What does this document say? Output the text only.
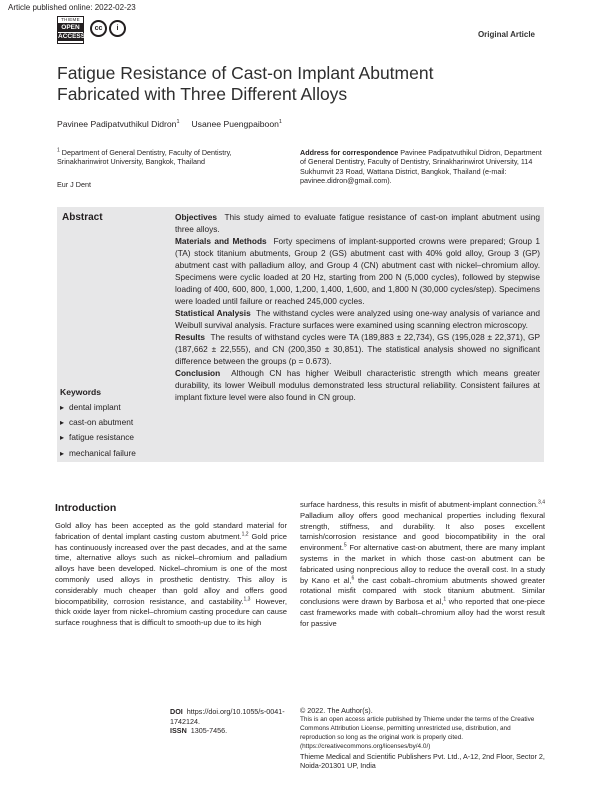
Article published online: 2022-02-23
THIEME
OPEN
ACCESS
cc	i
Original Article
Fatigue Resistance of Cast-on Implant Abutment Fabricated with Three Different Alloys
Pavinee Padipatvuthikul Didron$^1$ Usanee Puengpaiboon$^1$
$^1$ Department of General Dentistry, Faculty of Dentistry, Srinakharinwirot University, Bangkok, Thailand
Eur J Dent
Address for correspondence Pavinee Padipatvuthikul Didron, Department of General Dentistry, Faculty of Dentistry, Srinakharinwirot University, 114 Sukhumvit 23 Road, Wattana District, Bangkok, Thailand (e-mail: pavinee.didron@gmail.com).
Abstract	Objectives This study aimed to evaluate fatigue resistance of cast-on implant abutment using three alloys.

Materials and Methods Forty specimens of implant-supported crowns were prepared; Group 1 (TA) stock titanium abutments, Group 2 (GS) abutment cast with 40% gold alloy, Group 3 (GP) abutment cast with palladium alloy, and Group 4 (CN) abutment cast with nickel–chromium alloy. Specimens were cyclic loaded at 20 Hz, starting from 200 N (5,000 cycles), followed by stepwise loading of 400, 600, 800, 1,000, 1,200, 1,400, 1,600, and 1,800 N (30,000 cycles/step). Specimens were loaded until failure or reached 245,000 cycles.

Statistical Analysis The withstand cycles were analyzed using one-way analysis of variance and Weibull survival analysis. Fracture surfaces were examined using scanning electron microscopy.

Results The results of withstand cycles were TA (189,883 ± 22,734), GS (195,028 ± 22,371), GP (187,662 ± 22,555), and CN (200,350 ± 30,851). The statistical analysis showed no significant difference between the groups (p = 0.673).

Conclusion Although CN has higher Weibull characteristic strength which means greater durability, its lower Weibull modulus demonstrated less structural reliability. Consistent failures at implant fixture level were also found in CN group.

Keywords
▸ dental implant
▸ cast-on abutment
▸ fatigue resistance
▸ mechanical failure
Introduction
Gold alloy has been accepted as the gold standard material for fabrication of dental implant casting custom abutment.$^{1,2}$ Gold price has continuously increased over the past decades, and at the same time, alternative alloys such as nickel–chromium and palladium alloys have been developed. Nickel–chromium is one of the most commonly used alloys in prosthetic dentistry. This alloy is considerably much cheaper than gold alloy and offers good biocompatibility, corrosion resistance, and castability.$^{1,3}$ However, thick oxide layer from nickel–chromium casting procedure can cause surface roughness that is difficult to smooth-up due to its high
surface hardness, this results in misfit of abutment-implant connection.$^{3,4}$ Palladium alloy offers good mechanical properties including flexural strength, stiffness, and durability. It also poses excellent tarnish/corrosion resistance and good biocompatibility in the oral environment.$^5$ For alternative cast-on abutment, there are many implant systems in the market in which those cast-on abutment can be fabricated using nonprecious alloy to reduce the overall cost. In a study by Kano et al,$^6$ the cast cobalt–chromium abutments showed greater rotational misfit compared with stock titanium abutment. Similar conclusions were drawn by Barbosa et al,$^1$ who reported that one-piece cast frameworks made with cobalt–chromium alloy had the worst result for passive
DOI https://doi.org/10.1055/s-0041-1742124.
ISSN 1305-7456.
© 2022. The Author(s).
This is an open access article published by Thieme under the terms of the Creative Commons Attribution License, permitting unrestricted use, distribution, and reproduction so long as the original work is properly cited. (https://creativecommons.org/licenses/by/4.0/)
Thieme Medical and Scientific Publishers Pvt. Ltd., A-12, 2nd Floor, Sector 2, Noida-201301 UP, India
